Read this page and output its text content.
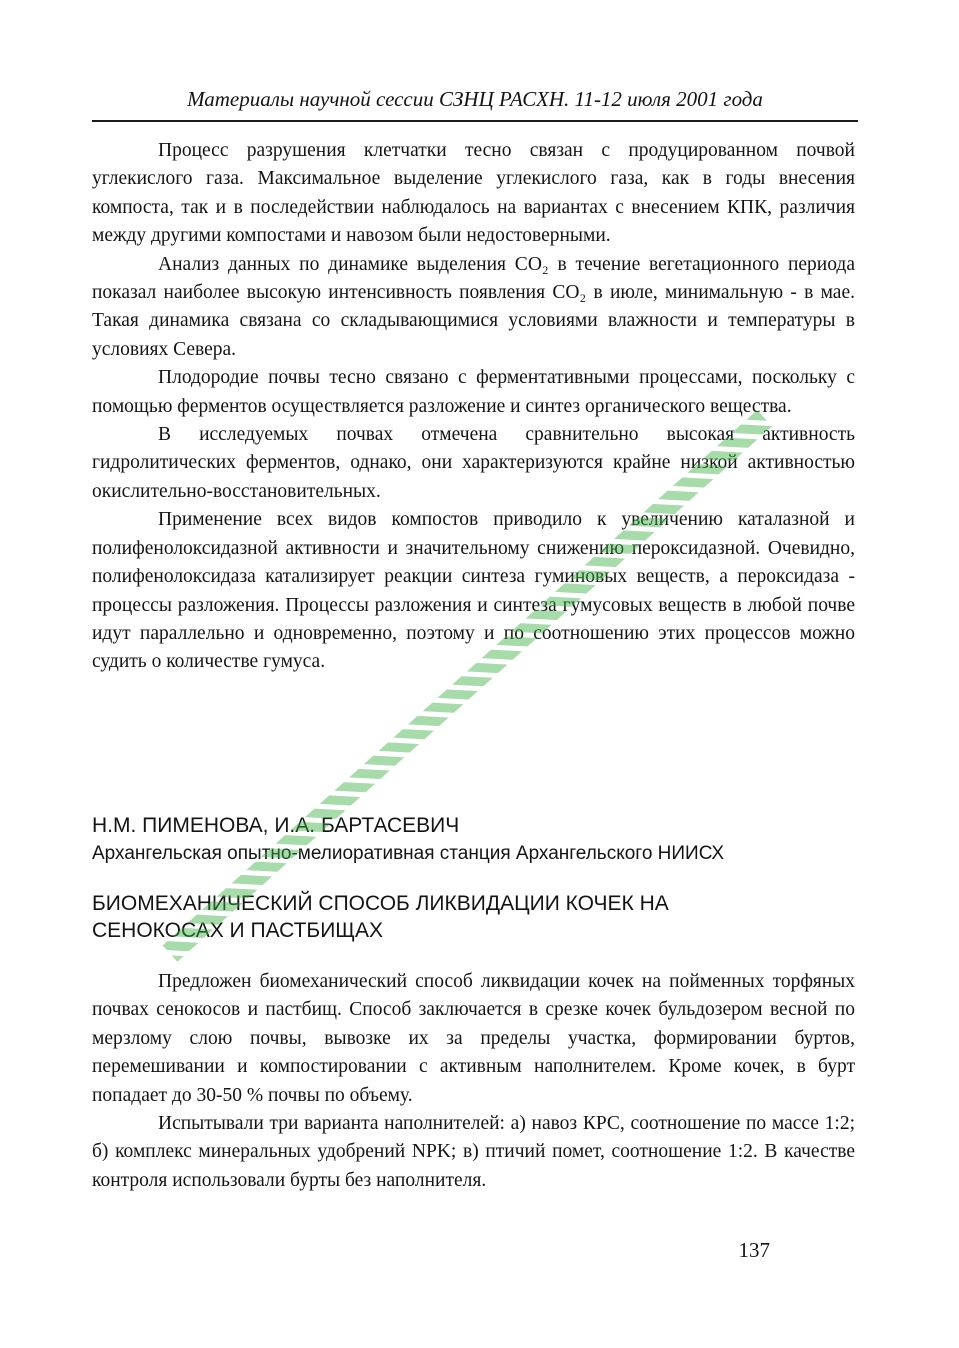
Материалы научной сессии СЗНЦ РАСХН. 11-12 июля 2001 года

Процесс разрушения клетчатки тесно связан с продуцированном почвой углекислого газа. Максимальное выделение углекислого газа, как в годы внесения компоста, так и в последействии наблюдалось на вариантах с внесением КПК, различия между другими компостами и навозом были недостоверными.

Анализ данных по динамике выделения СО₂ в течение вегетационного периода показал наиболее высокую интенсивность появления СО₂ в июле, минимальную - в мае. Такая динамика связана со складывающимися условиями влажности и температуры в условиях Севера.

Плодородие почвы тесно связано с ферментативными процессами, поскольку с помощью ферментов осуществляется разложение и синтез органического вещества.

В исследуемых почвах отмечена сравнительно высокая активность гидролитических ферментов, однако, они характеризуются крайне низкой активностью окислительно-восстановительных.

Применение всех видов компостов приводило к увеличению каталазной и полифенолоксидазной активности и значительному снижению пероксидазной. Очевидно, полифенолоксидаза катализирует реакции синтеза гуминовых веществ, а пероксидаза - процессы разложения. Процессы разложения и синтеза гумусовых веществ в любой почве идут параллельно и одновременно, поэтому и по соотношению этих процессов можно судить о количестве гумуса.

Н.М. ПИМЕНОВА, И.А. БАРТАСЕВИЧ
Архангельская опытно-мелиоративная станция Архангельского НИИСХ
БИОМЕХАНИЧЕСКИЙ СПОСОБ ЛИКВИДАЦИИ КОЧЕК НА
СЕНОКОСАХ И ПАСТБИЩАХ

Предложен биомеханический способ ликвидации кочек на пойменных торфяных почвах сенокосов и пастбищ. Способ заключается в срезке кочек бульдозером весной по мерзлому слою почвы, вывозке их за пределы участка, формировании буртов, перемешивании и компостировании с активным наполнителем. Кроме кочек, в бурт попадает до 30-50 % почвы по объему.

Испытывали три варианта наполнителей: а) навоз КРС, соотношение по массе 1:2; б) комплекс минеральных удобрений NPK; в) птичий помет, соотношение 1:2. В качестве контроля использовали бурты без наполнителя.

137
